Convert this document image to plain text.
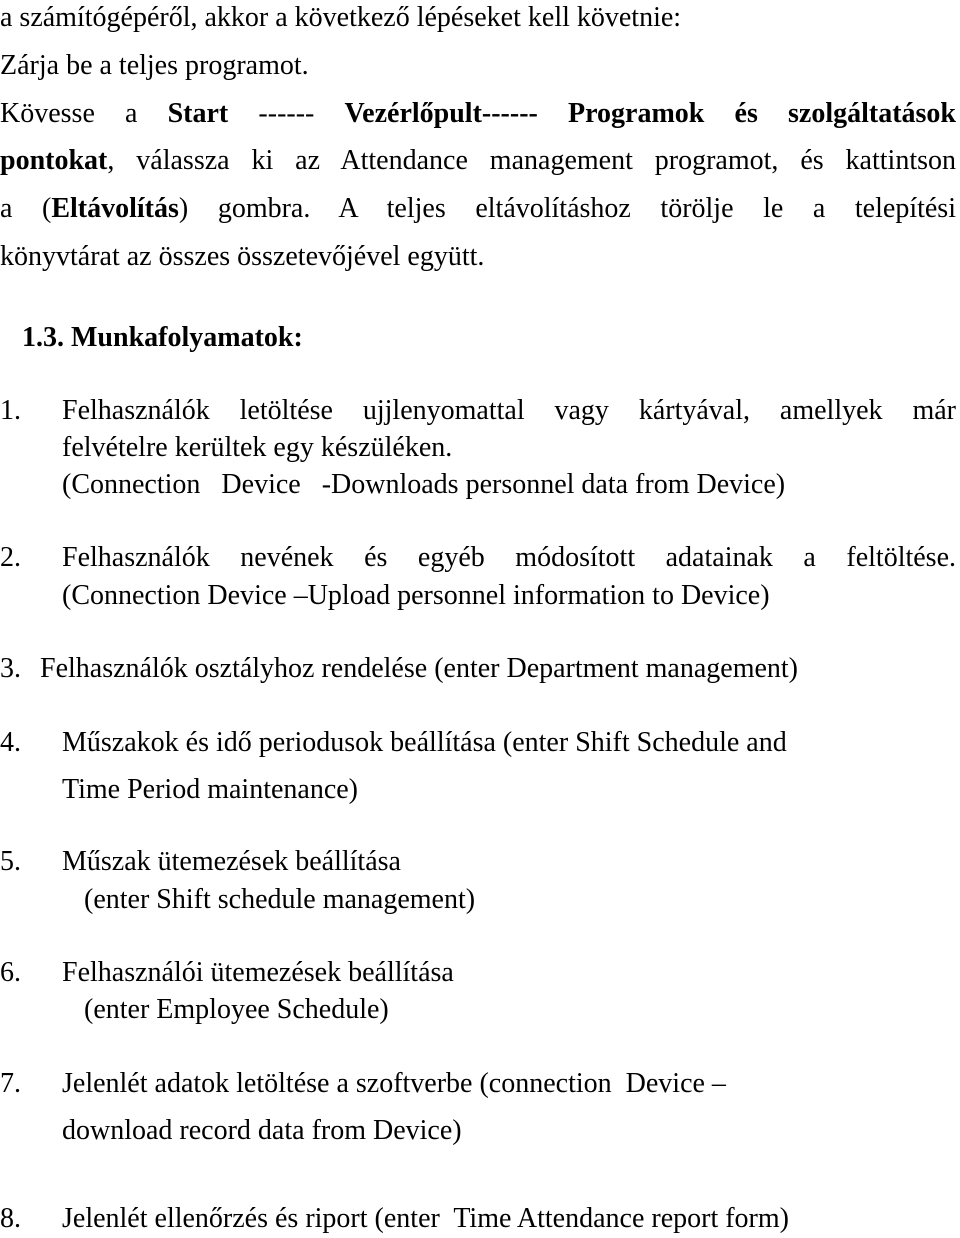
a számítógépéről, akkor a következő lépéseket kell követnie:
Zárja be a teljes programot.
Kövesse a Start ------ Vezérlőpult------ Programok és szolgáltatások
pontokat, válassza ki az Attendance management programot, és kattintson
a (Eltávolítás) gombra. A teljes eltávolításhoz törölje le a telepítési
könyvtárat az összes összetevőjével együtt.
1.3. Munkafolyamatok:
1. Felhasználók letöltése ujjlenyomattal vagy kártyával, amellyek már
felvételre kerültek egy készüléken.
(Connection   Device   -Downloads personnel data from Device)
2. Felhasználók nevének és egyéb módosított adatainak a feltöltése.
(Connection Device –Upload personnel information to Device)
3. Felhasználók osztályhoz rendelése (enter Department management)
4. Műszakok és idő periodusok beállítása (enter Shift Schedule and
Time Period maintenance)
5. Műszak ütemezések beállítása
(enter Shift schedule management)
6. Felhasználói ütemezések beállítása
(enter Employee Schedule)
7. Jelenlét adatok letöltése a szoftverbe (connection  Device –
download record data from Device)
8. Jelenlét ellenőrzés és riport (enter  Time Attendance report form)
